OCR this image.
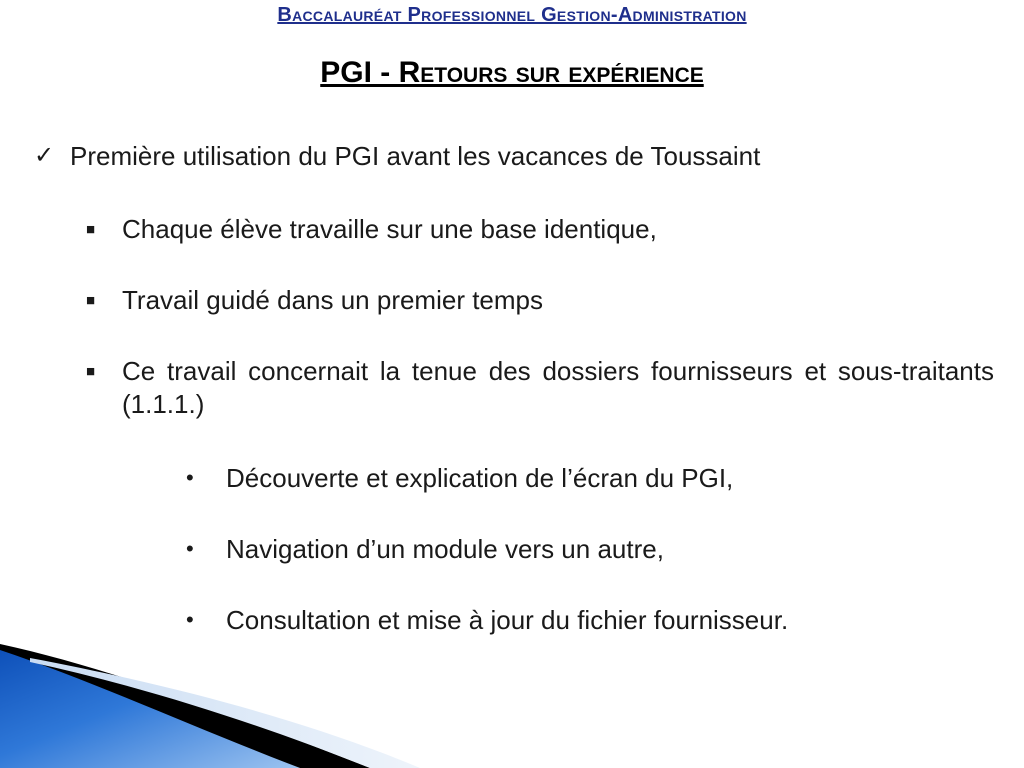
Baccalauréat Professionnel Gestion-Administration
PGI - Retours sur expérience
✓ Première utilisation du PGI avant les vacances de Toussaint
■	Chaque élève travaille sur une base identique,
■	Travail guidé dans un premier temps
■	Ce travail concernait la tenue des dossiers fournisseurs et sous-traitants (1.1.1.)
•	Découverte et explication de l’écran du PGI,
•	Navigation d’un module vers un autre,
•	Consultation et mise à jour du fichier fournisseur.
